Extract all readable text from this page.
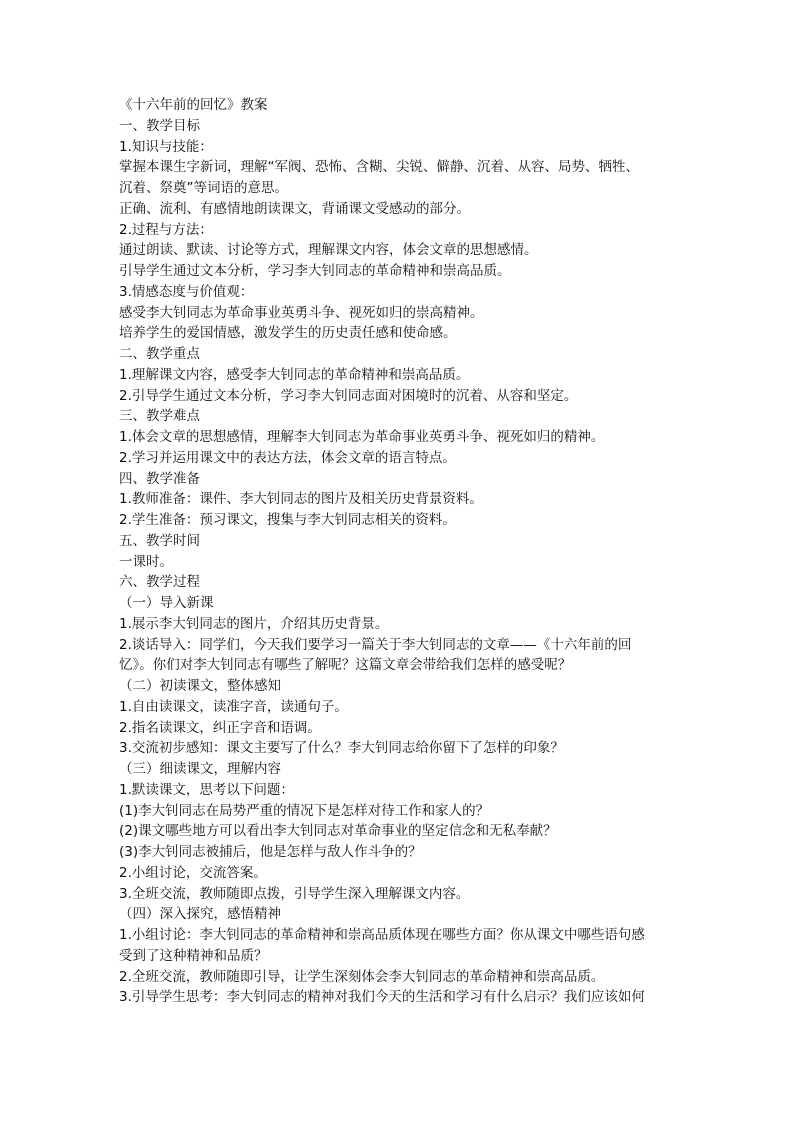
《十六年前的回忆》教案
一、教学目标
1.知识与技能：
掌握本课生字新词，理解“军阀、恐怖、含糊、尖锐、僻静、沉着、从容、局势、牺牲、
沉着、祭奠”等词语的意思。
正确、流利、有感情地朗读课文，背诵课文受感动的部分。
2.过程与方法：
通过朗读、默读、讨论等方式，理解课文内容，体会文章的思想感情。
引导学生通过文本分析，学习李大钊同志的革命精神和崇高品质。
3.情感态度与价值观：
感受李大钊同志为革命事业英勇斗争、视死如归的崇高精神。
培养学生的爱国情感，激发学生的历史责任感和使命感。
二、教学重点
1.理解课文内容，感受李大钊同志的革命精神和崇高品质。
2.引导学生通过文本分析，学习李大钊同志面对困境时的沉着、从容和坚定。
三、教学难点
1.体会文章的思想感情，理解李大钊同志为革命事业英勇斗争、视死如归的精神。
2.学习并运用课文中的表达方法，体会文章的语言特点。
四、教学准备
1.教师准备：课件、李大钊同志的图片及相关历史背景资料。
2.学生准备：预习课文，搜集与李大钊同志相关的资料。
五、教学时间
一课时。
六、教学过程
（一）导入新课
1.展示李大钊同志的图片，介绍其历史背景。
2.谈话导入：同学们，今天我们要学习一篇关于李大钊同志的文章——《十六年前的回
忆》。你们对李大钊同志有哪些了解呢？这篇文章会带给我们怎样的感受呢？
（二）初读课文，整体感知
1.自由读课文，读准字音，读通句子。
2.指名读课文，纠正字音和语调。
3.交流初步感知：课文主要写了什么？李大钊同志给你留下了怎样的印象？
（三）细读课文，理解内容
1.默读课文，思考以下问题：
(1)李大钊同志在局势严重的情况下是怎样对待工作和家人的？
(2)课文哪些地方可以看出李大钊同志对革命事业的坚定信念和无私奉献？
(3)李大钊同志被捕后，他是怎样与敌人作斗争的？
2.小组讨论，交流答案。
3.全班交流，教师随即点拨，引导学生深入理解课文内容。
（四）深入探究，感悟精神
1.小组讨论：李大钊同志的革命精神和崇高品质体现在哪些方面？你从课文中哪些语句感
受到了这种精神和品质？
2.全班交流，教师随即引导，让学生深刻体会李大钊同志的革命精神和崇高品质。
3.引导学生思考：李大钊同志的精神对我们今天的生活和学习有什么启示？我们应该如何
